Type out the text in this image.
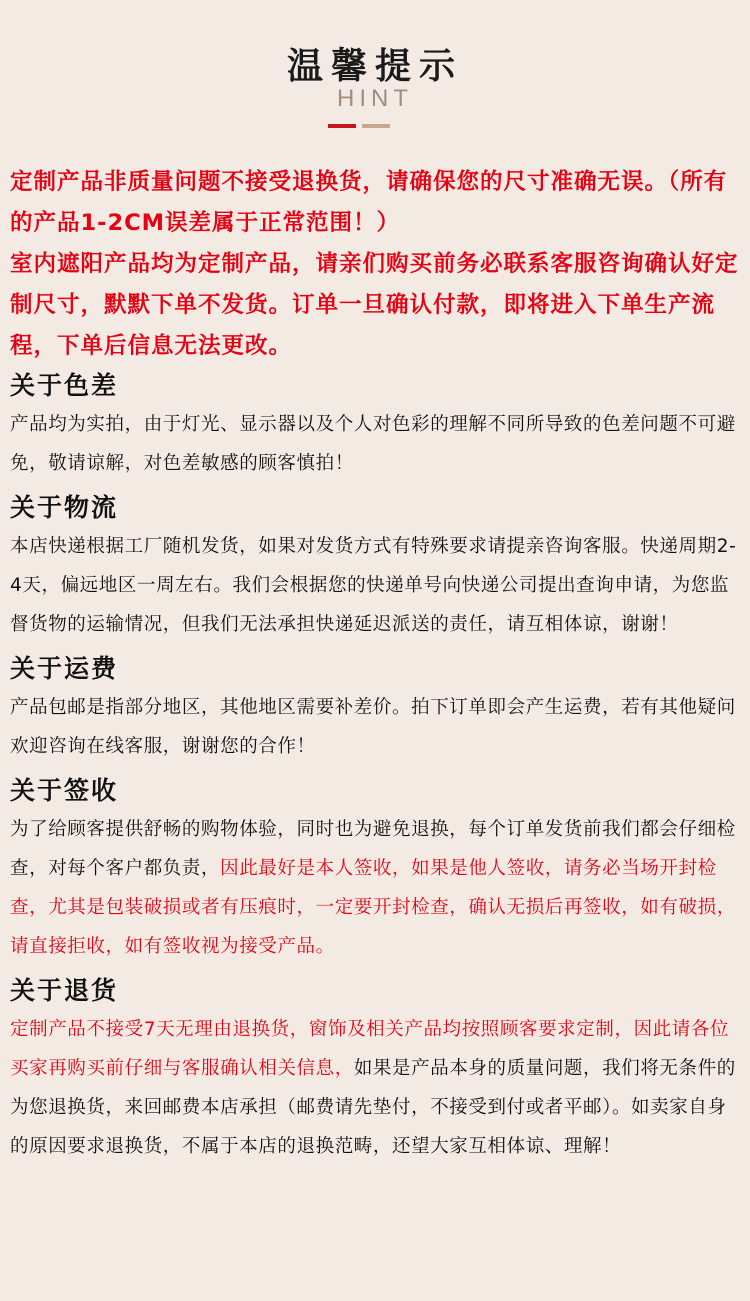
温馨提示
HINT

定制产品非质量问题不接受退换货，请确保您的尺寸准确无误。（所有的产品1-2CM误差属于正常范围！）

室内遮阳产品均为定制产品，请亲们购买前务必联系客服咨询确认好定制尺寸，默默下单不发货。订单一旦确认付款，即将进入下单生产流程，下单后信息无法更改。

关于色差

产品均为实拍，由于灯光、显示器以及个人对色彩的理解不同所导致的色差问题不可避免，敬请谅解，对色差敏感的顾客慎拍！

关于物流

本店快递根据工厂随机发货，如果对发货方式有特殊要求请提亲咨询客服。快递周期2-4天，偏远地区一周左右。我们会根据您的快递单号向快递公司提出查询申请，为您监督货物的运输情况，但我们无法承担快递延迟派送的责任，请互相体谅，谢谢！

关于运费

产品包邮是指部分地区，其他地区需要补差价。拍下订单即会产生运费，若有其他疑问欢迎咨询在线客服，谢谢您的合作！

关于签收

为了给顾客提供舒畅的购物体验，同时也为避免退换，每个订单发货前我们都会仔细检查，对每个客户都负责，因此最好是本人签收，如果是他人签收，请务必当场开封检查，尤其是包装破损或者有压痕时，一定要开封检查，确认无损后再签收，如有破损，请直接拒收，如有签收视为接受产品。

关于退货

定制产品不接受7天无理由退换货，窗饰及相关产品均按照顾客要求定制，因此请各位买家再购买前仔细与客服确认相关信息，如果是产品本身的质量问题，我们将无条件的为您退换货，来回邮费本店承担（邮费请先垫付，不接受到付或者平邮）。如卖家自身的原因要求退换货，不属于本店的退换范畴，还望大家互相体谅、理解！
